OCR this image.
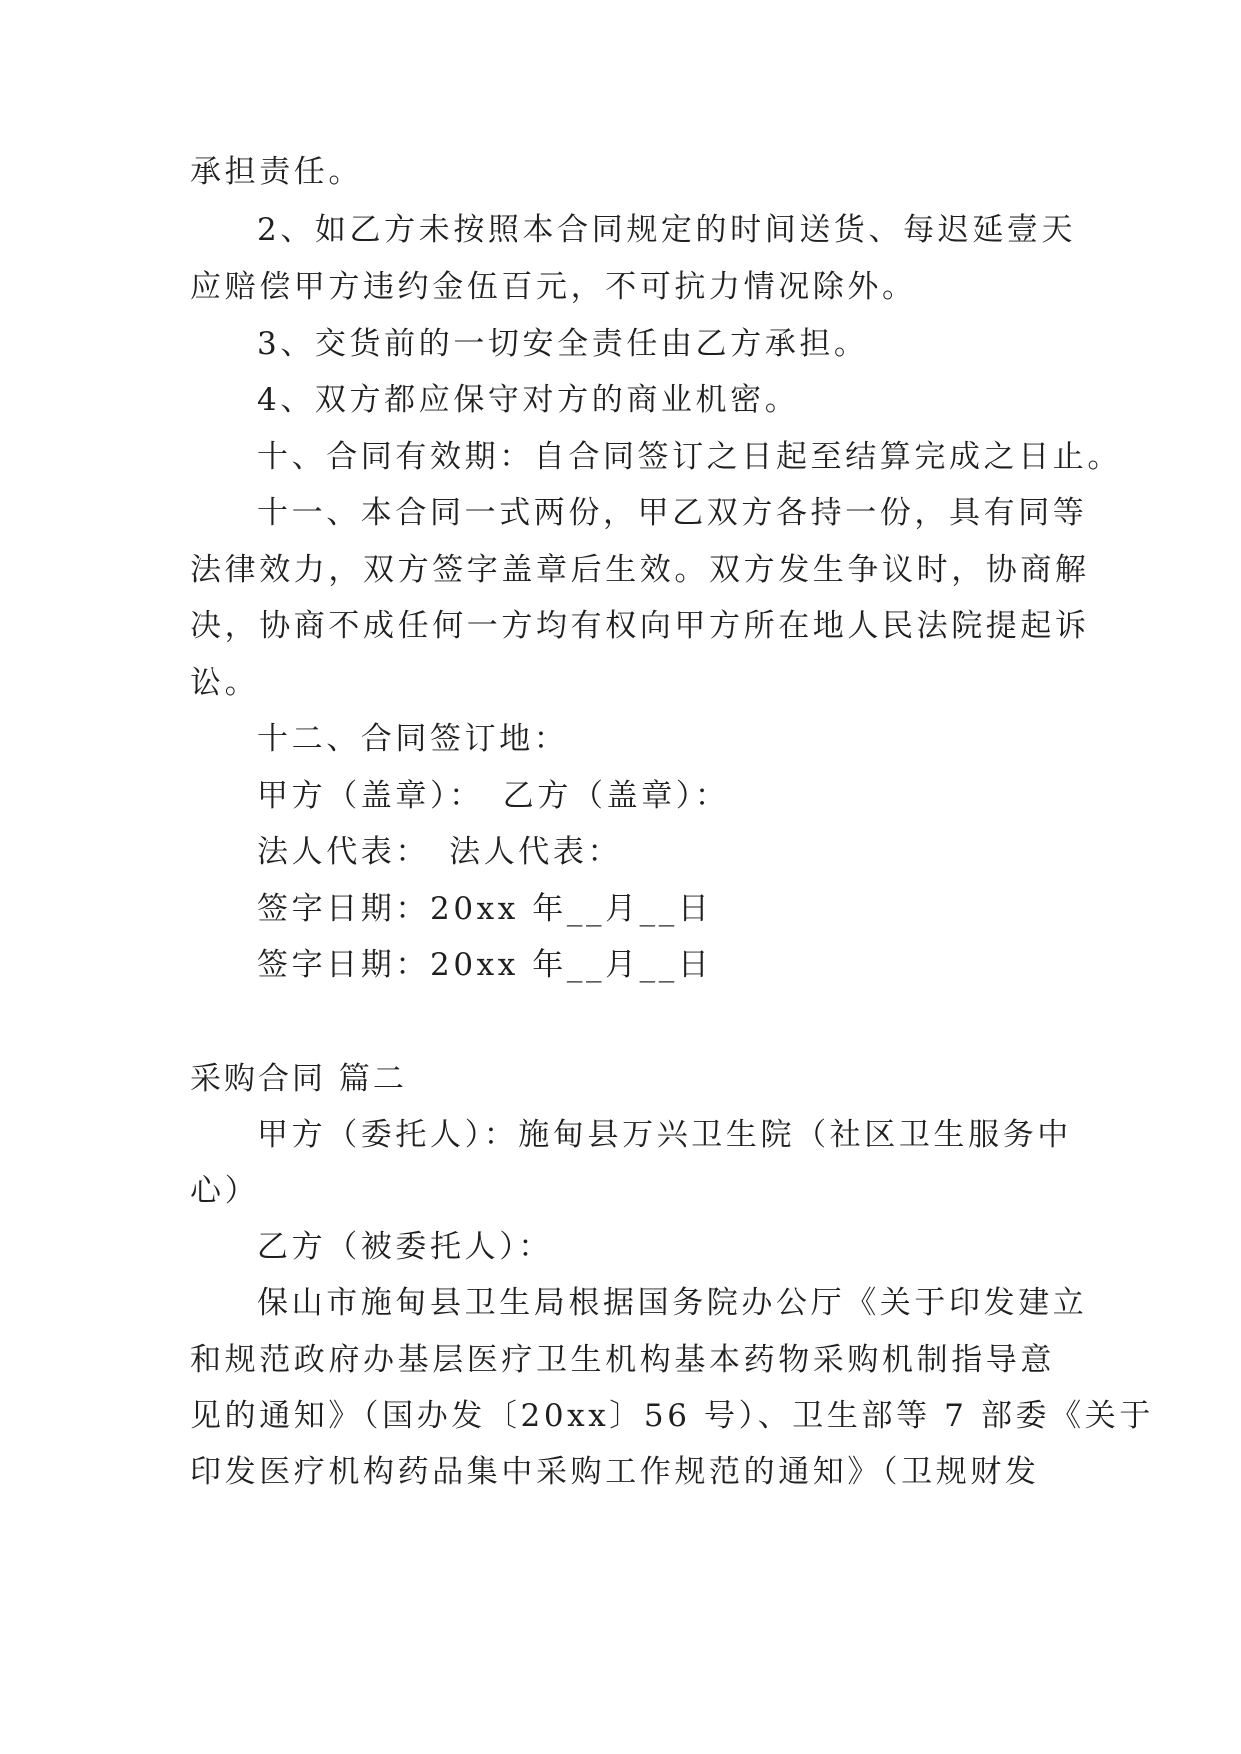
承担责任。
2、如乙方未按照本合同规定的时间送货、每迟延壹天
应赔偿甲方违约金伍百元，不可抗力情况除外。
3、交货前的一切安全责任由乙方承担。
4、双方都应保守对方的商业机密。
十、合同有效期：自合同签订之日起至结算完成之日止。
十一、本合同一式两份，甲乙双方各持一份，具有同等
法律效力，双方签字盖章后生效。双方发生争议时，协商解
决，协商不成任何一方均有权向甲方所在地人民法院提起诉
讼。
十二、合同签订地：
甲方（盖章）：　乙方（盖章）：
法人代表：　法人代表：
签字日期：20xx 年__月__日
签字日期：20xx 年__月__日
采购合同 篇二
甲方（委托人）：施甸县万兴卫生院（社区卫生服务中
心）
乙方（被委托人）：
保山市施甸县卫生局根据国务院办公厅《关于印发建立
和规范政府办基层医疗卫生机构基本药物采购机制指导意
见的通知》（国办发〔20xx〕56 号）、卫生部等 7 部委《关于
印发医疗机构药品集中采购工作规范的通知》（卫规财发
